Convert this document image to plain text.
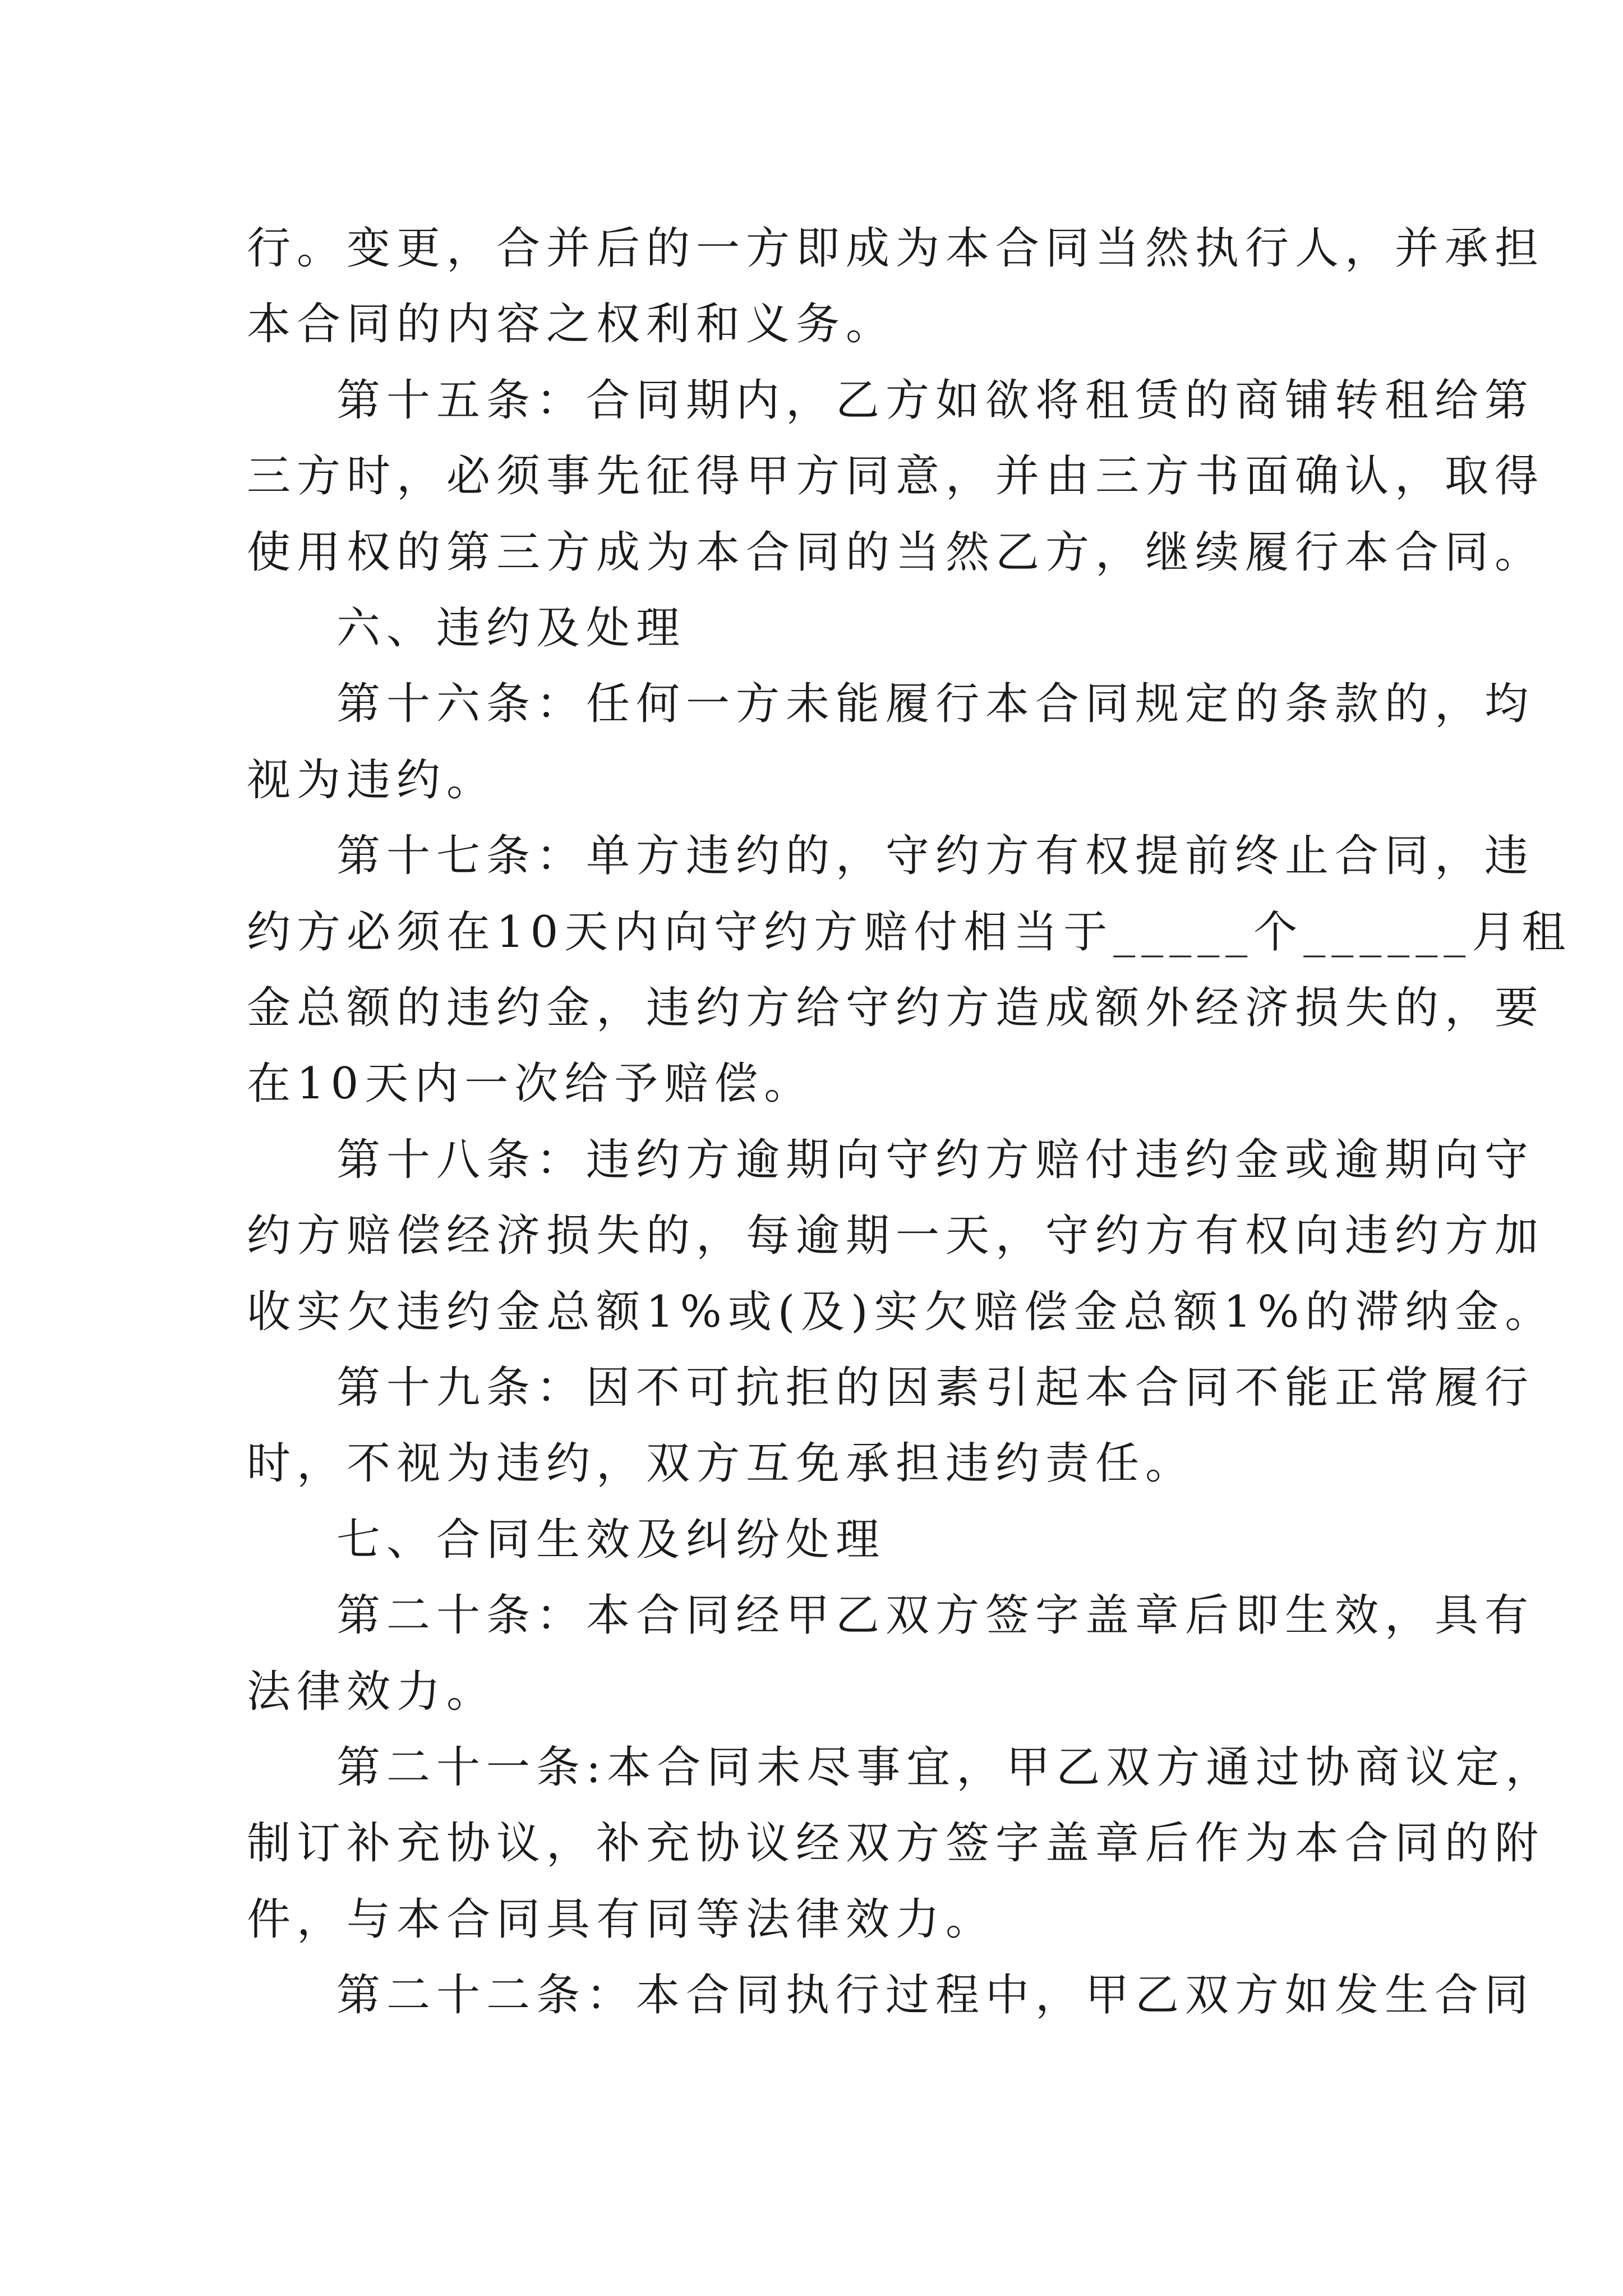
行。变更，合并后的一方即成为本合同当然执行人，并承担
本合同的内容之权利和义务。
第十五条：合同期内，乙方如欲将租赁的商铺转租给第
三方时，必须事先征得甲方同意，并由三方书面确认，取得
使用权的第三方成为本合同的当然乙方，继续履行本合同。
六、违约及处理
第十六条：任何一方未能履行本合同规定的条款的，均
视为违约。
第十七条：单方违约的，守约方有权提前终止合同，违
约方必须在10天内向守约方赔付相当于_____个______月租
金总额的违约金，违约方给守约方造成额外经济损失的，要
在10天内一次给予赔偿。
第十八条：违约方逾期向守约方赔付违约金或逾期向守
约方赔偿经济损失的，每逾期一天，守约方有权向违约方加
收实欠违约金总额1%或(及)实欠赔偿金总额1%的滞纳金。
第十九条：因不可抗拒的因素引起本合同不能正常履行
时，不视为违约，双方互免承担违约责任。
七、合同生效及纠纷处理
第二十条：本合同经甲乙双方签字盖章后即生效，具有
法律效力。
第二十一条:本合同未尽事宜，甲乙双方通过协商议定，
制订补充协议，补充协议经双方签字盖章后作为本合同的附
件，与本合同具有同等法律效力。
第二十二条：本合同执行过程中，甲乙双方如发生合同
